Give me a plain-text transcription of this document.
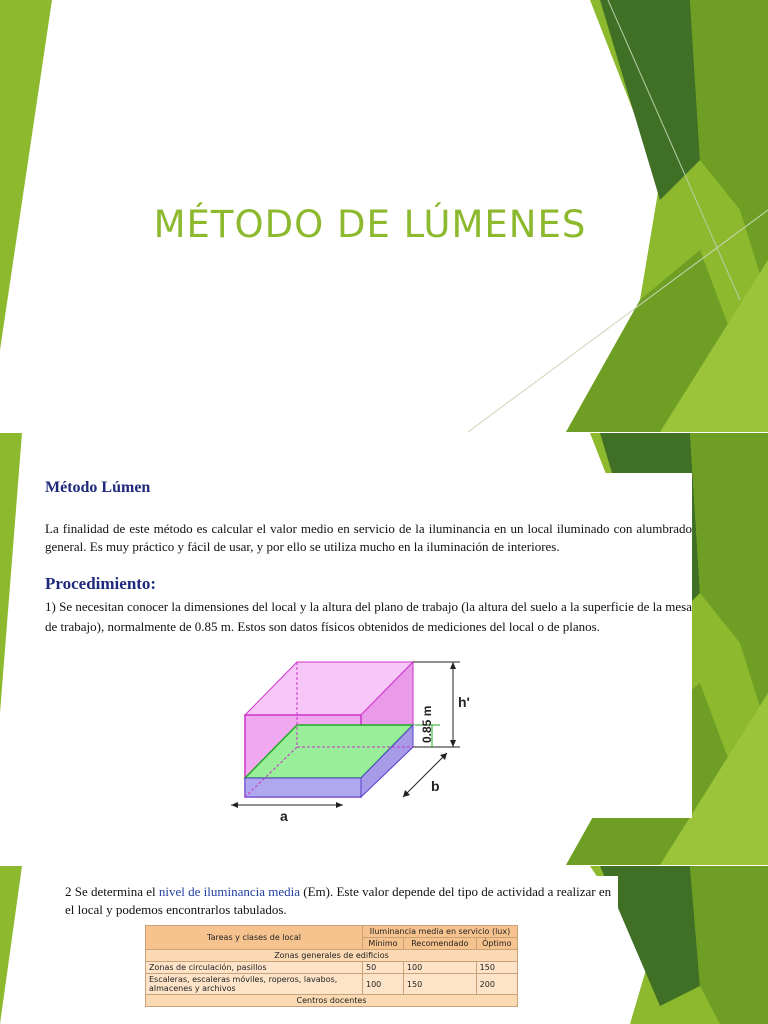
MÉTODO DE LÚMENES
Método Lúmen
La finalidad de este método es calcular el valor medio en servicio de la iluminancia en un local iluminado con alumbrado general. Es muy práctico y fácil de usar, y por ello se utiliza mucho en la iluminación de interiores.
Procedimiento:
1) Se necesitan conocer la dimensiones del local y la altura del plano de trabajo (la altura del suelo a la superficie de la mesa de trabajo), normalmente de 0.85 m. Estos son datos físicos obtenidos de mediciones del local o de planos.
h'
0.85 m
a
b
2 Se determina el nivel de iluminancia media (Em). Este valor depende del tipo de actividad a realizar en el local y podemos encontrarlos tabulados.
Tareas y clases de local	Iluminancia media en servicio (lux)		
	Mínimo	Recomendado	Óptimo
Zonas generales de edificios			
Zonas de circulación, pasillos	50	100	150
Escaleras, escaleras móviles, roperos, lavabos, almacenes y archivos	100	150	200
Centros docentes			
